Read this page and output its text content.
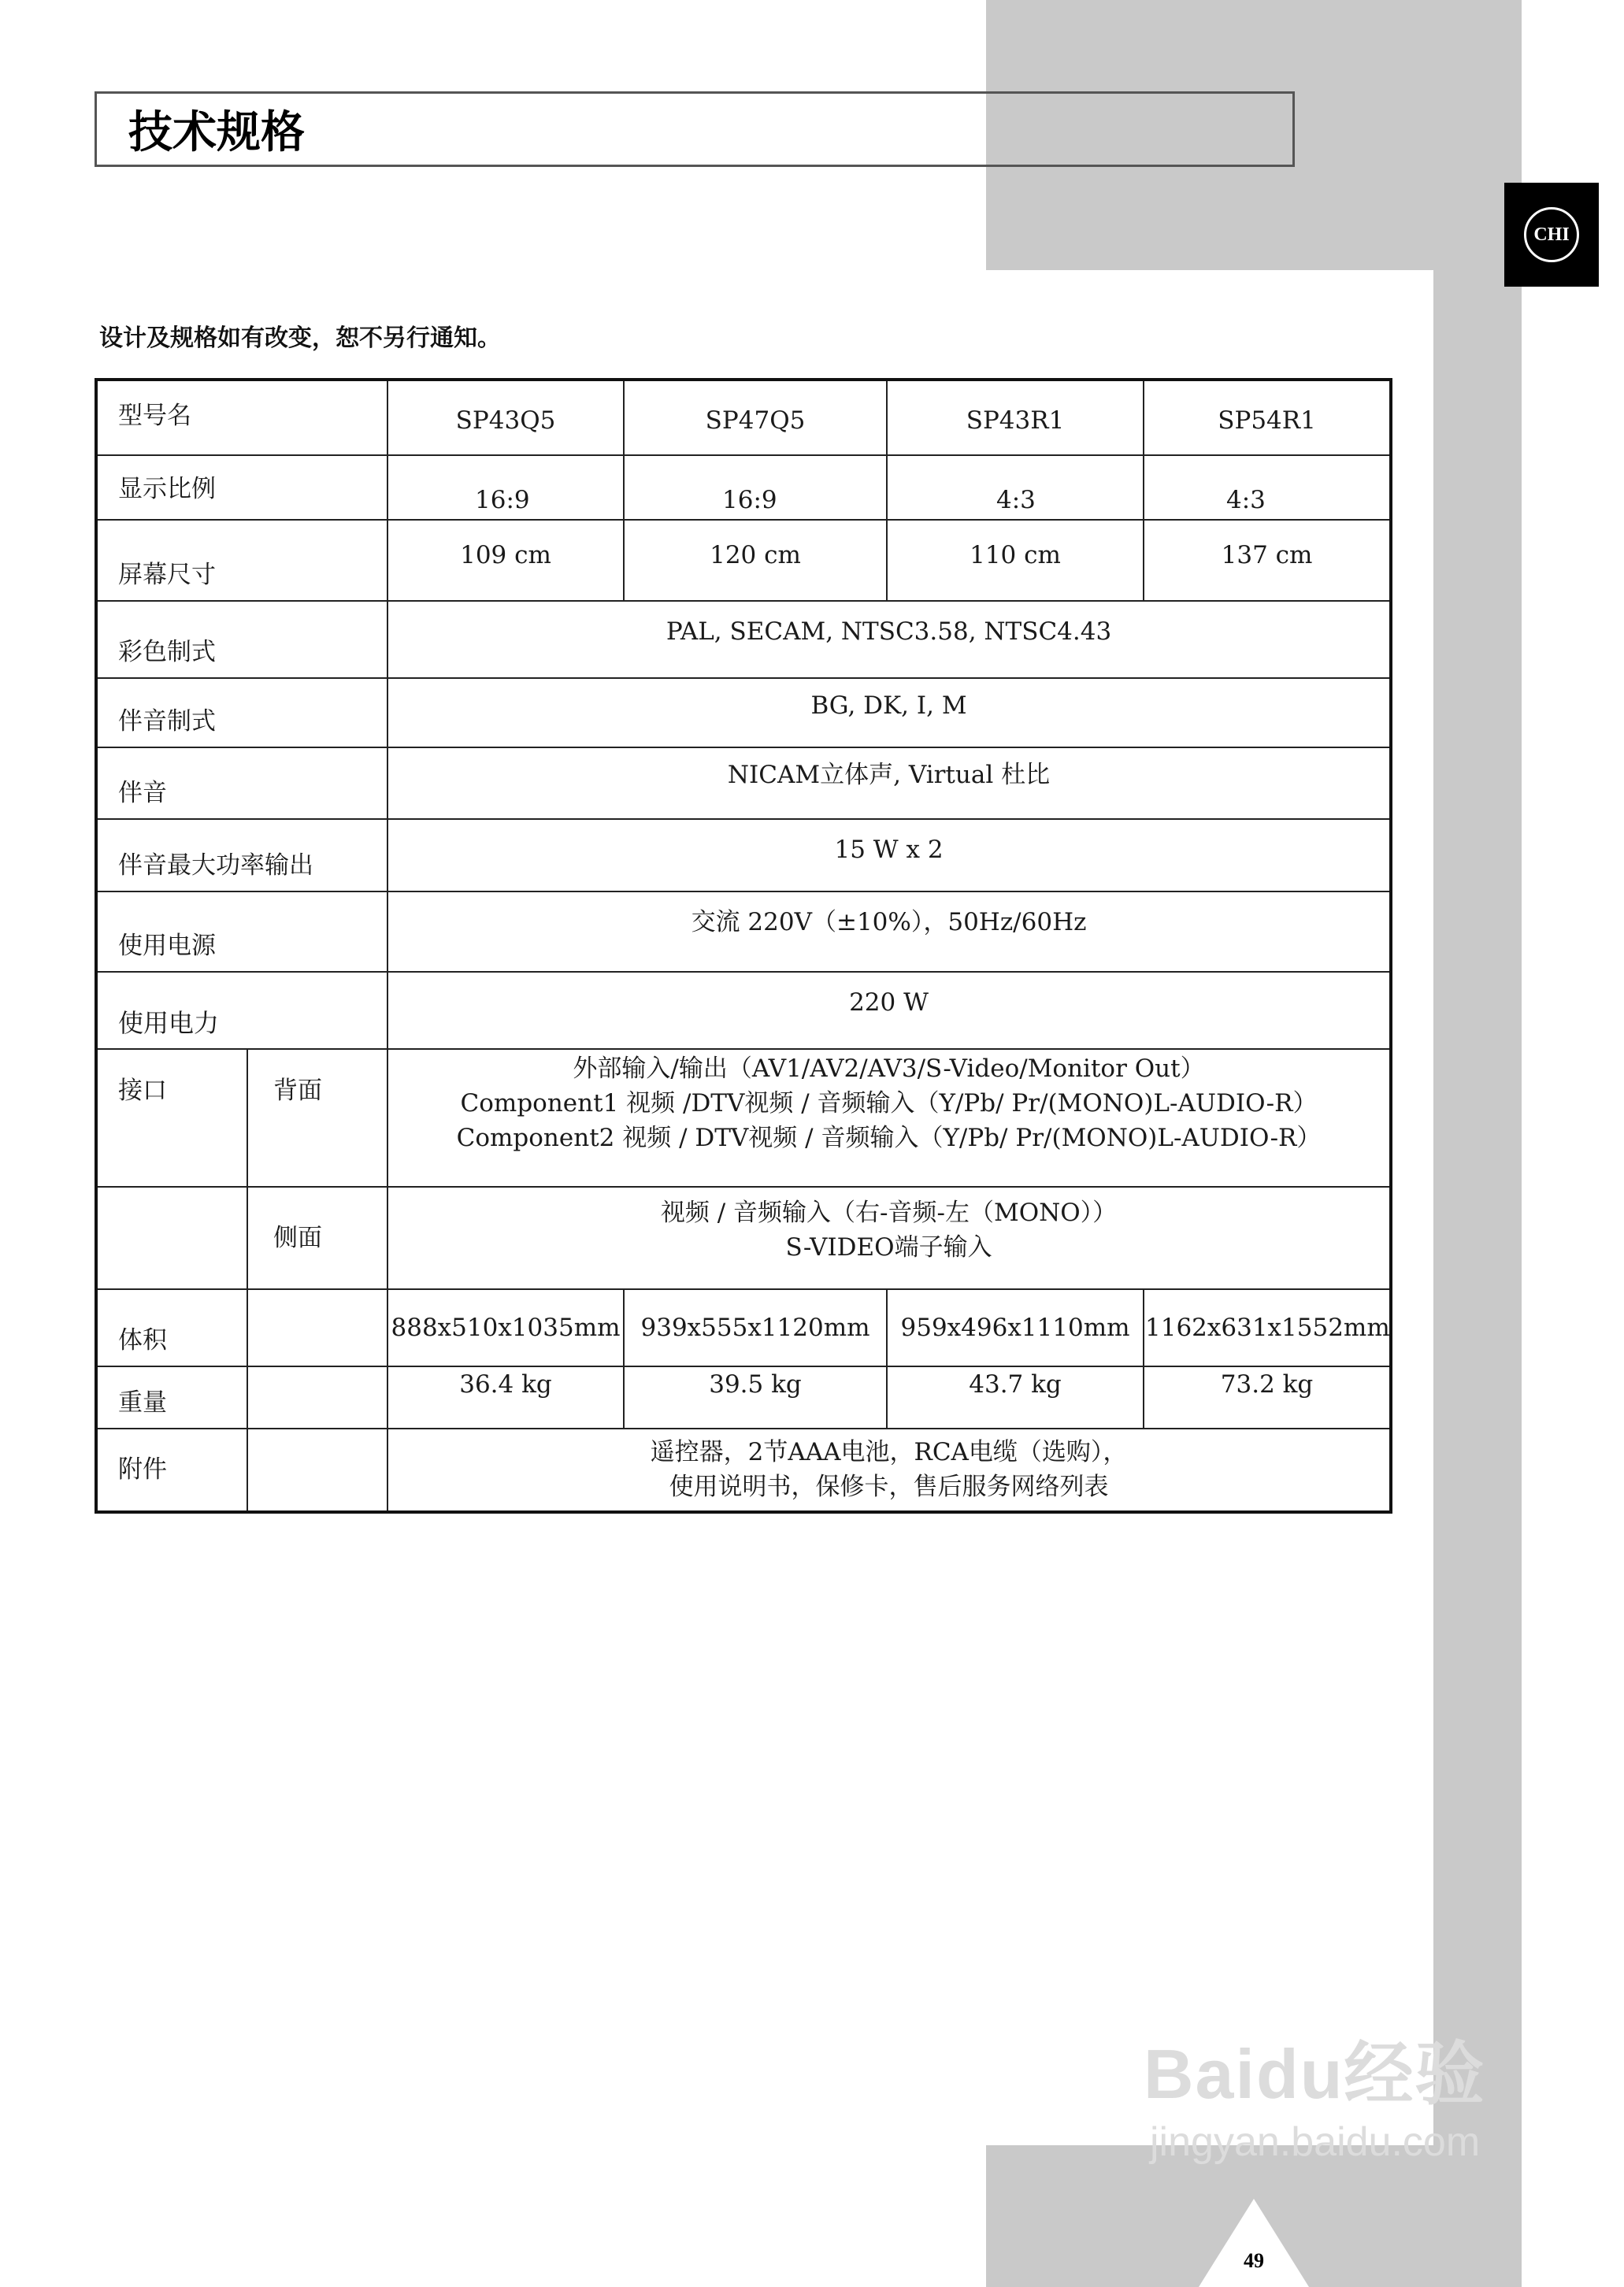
CHI
技术规格
设计及规格如有改变，恕不另行通知。
型号名		SP43Q5	SP47Q5	SP43R1	SP54R1
显示比例		16:9	16:9	4:3	4:3
屏幕尺寸		109 cm	120 cm	110 cm	137 cm
彩色制式		PAL, SECAM, NTSC3.58, NTSC4.43			
伴音制式		BG, DK, I, M			
伴音		NICAM立体声, Virtual 杜比			
伴音最大功率输出		15 W x 2			
使用电源		交流 220V（±10%），50Hz/60Hz			
使用电力		220 W			
接口	背面	外部输入/输出（AV1/AV2/AV3/S-Video/Monitor Out）
Component1 视频 /DTV视频 / 音频输入（Y/Pb/ Pr/(MONO)L-AUDIO-R）
Component2 视频 / DTV视频 / 音频输入（Y/Pb/ Pr/(MONO)L-AUDIO-R）			

	侧面	视频 / 音频输入（右-音频-左（MONO））
S-VIDEO端子输入			

体积		888x510x1035mm	939x555x1120mm	959x496x1110mm	1162x631x1552mm
重量		36.4 kg	39.5 kg	43.7 kg	73.2 kg
附件		遥控器，2节AAA电池，RCA电缆（选购），
使用说明书，保修卡，售后服务网络列表			
Baidu经验
jingyan.baidu.com
49
